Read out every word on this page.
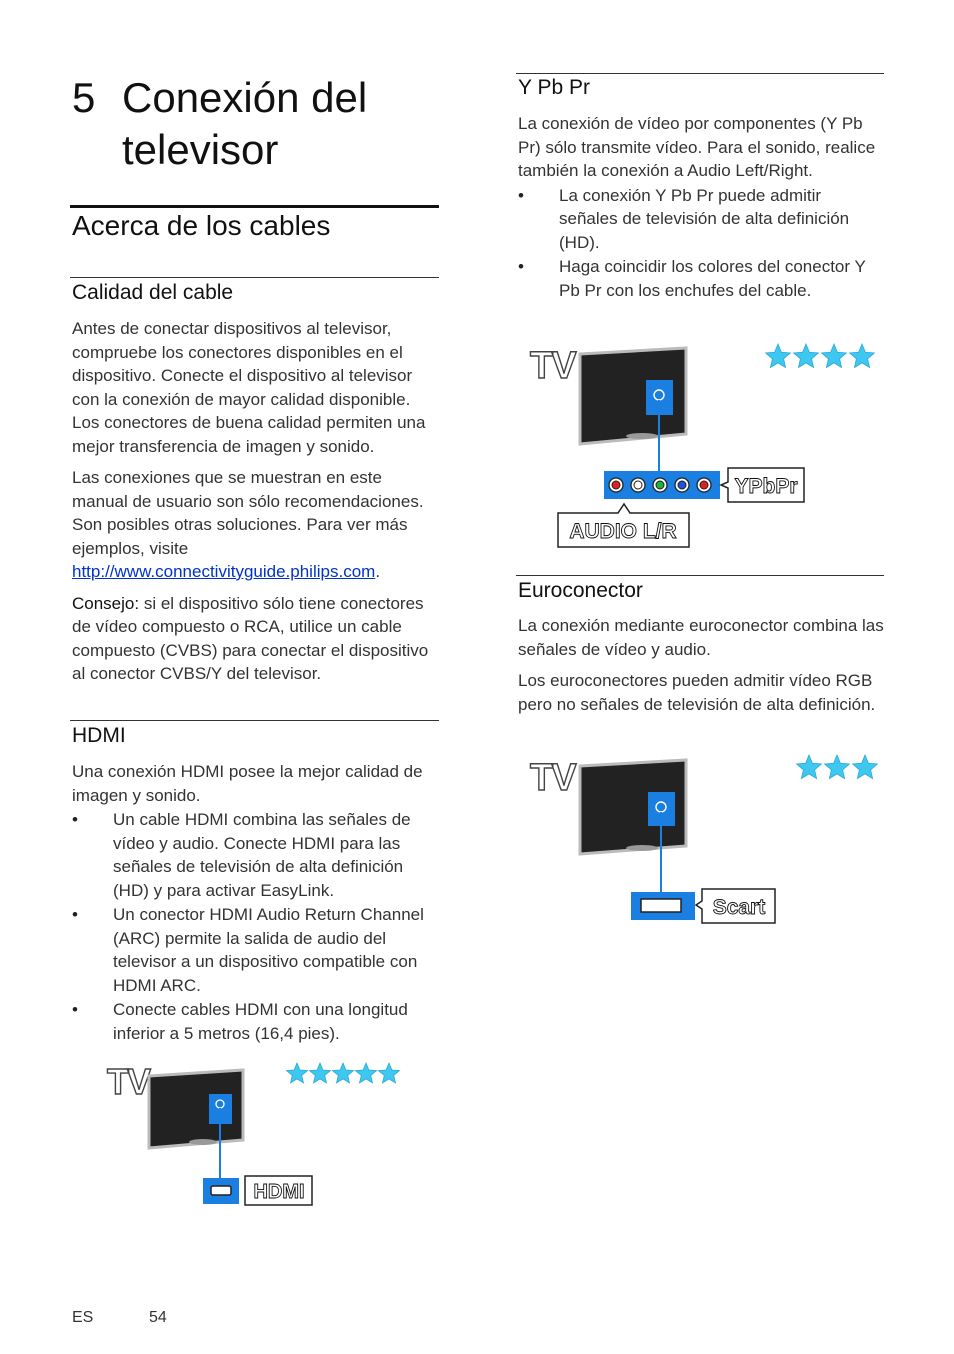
5 Conexión del
televisor
Acerca de los cables
Calidad del cable

Antes de conectar dispositivos al televisor, compruebe los conectores disponibles en el dispositivo. Conecte el dispositivo al televisor con la conexión de mayor calidad disponible. Los conectores de buena calidad permiten una mejor transferencia de imagen y sonido.

Las conexiones que se muestran en este manual de usuario son sólo recomendaciones. Son posibles otras soluciones. Para ver más ejemplos, visite http://www.connectivityguide.philips.com.

Consejo: si el dispositivo sólo tiene conectores de vídeo compuesto o RCA, utilice un cable compuesto (CVBS) para conectar el dispositivo al conector CVBS/Y del televisor.

HDMI

Una conexión HDMI posee la mejor calidad de imagen y sonido.

• Un cable HDMI combina las señales de vídeo y audio. Conecte HDMI para las señales de televisión de alta definición (HD) y para activar EasyLink.
• Un conector HDMI Audio Return Channel (ARC) permite la salida de audio del televisor a un dispositivo compatible con HDMI ARC.
• Conecte cables HDMI con una longitud inferior a 5 metros (16,4 pies).
TV
HDMI
Y Pb Pr

La conexión de vídeo por componentes (Y Pb Pr) sólo transmite vídeo. Para el sonido, realice también la conexión a Audio Left/Right.

• La conexión Y Pb Pr puede admitir señales de televisión de alta definición (HD).
• Haga coincidir los colores del conector Y Pb Pr con los enchufes del cable.
TV
YPbPr
AUDIO L/R
Euroconector

La conexión mediante euroconector combina las señales de vídeo y audio.

Los euroconectores pueden admitir vídeo RGB pero no señales de televisión de alta definición.

TV
Scart
ES	54
